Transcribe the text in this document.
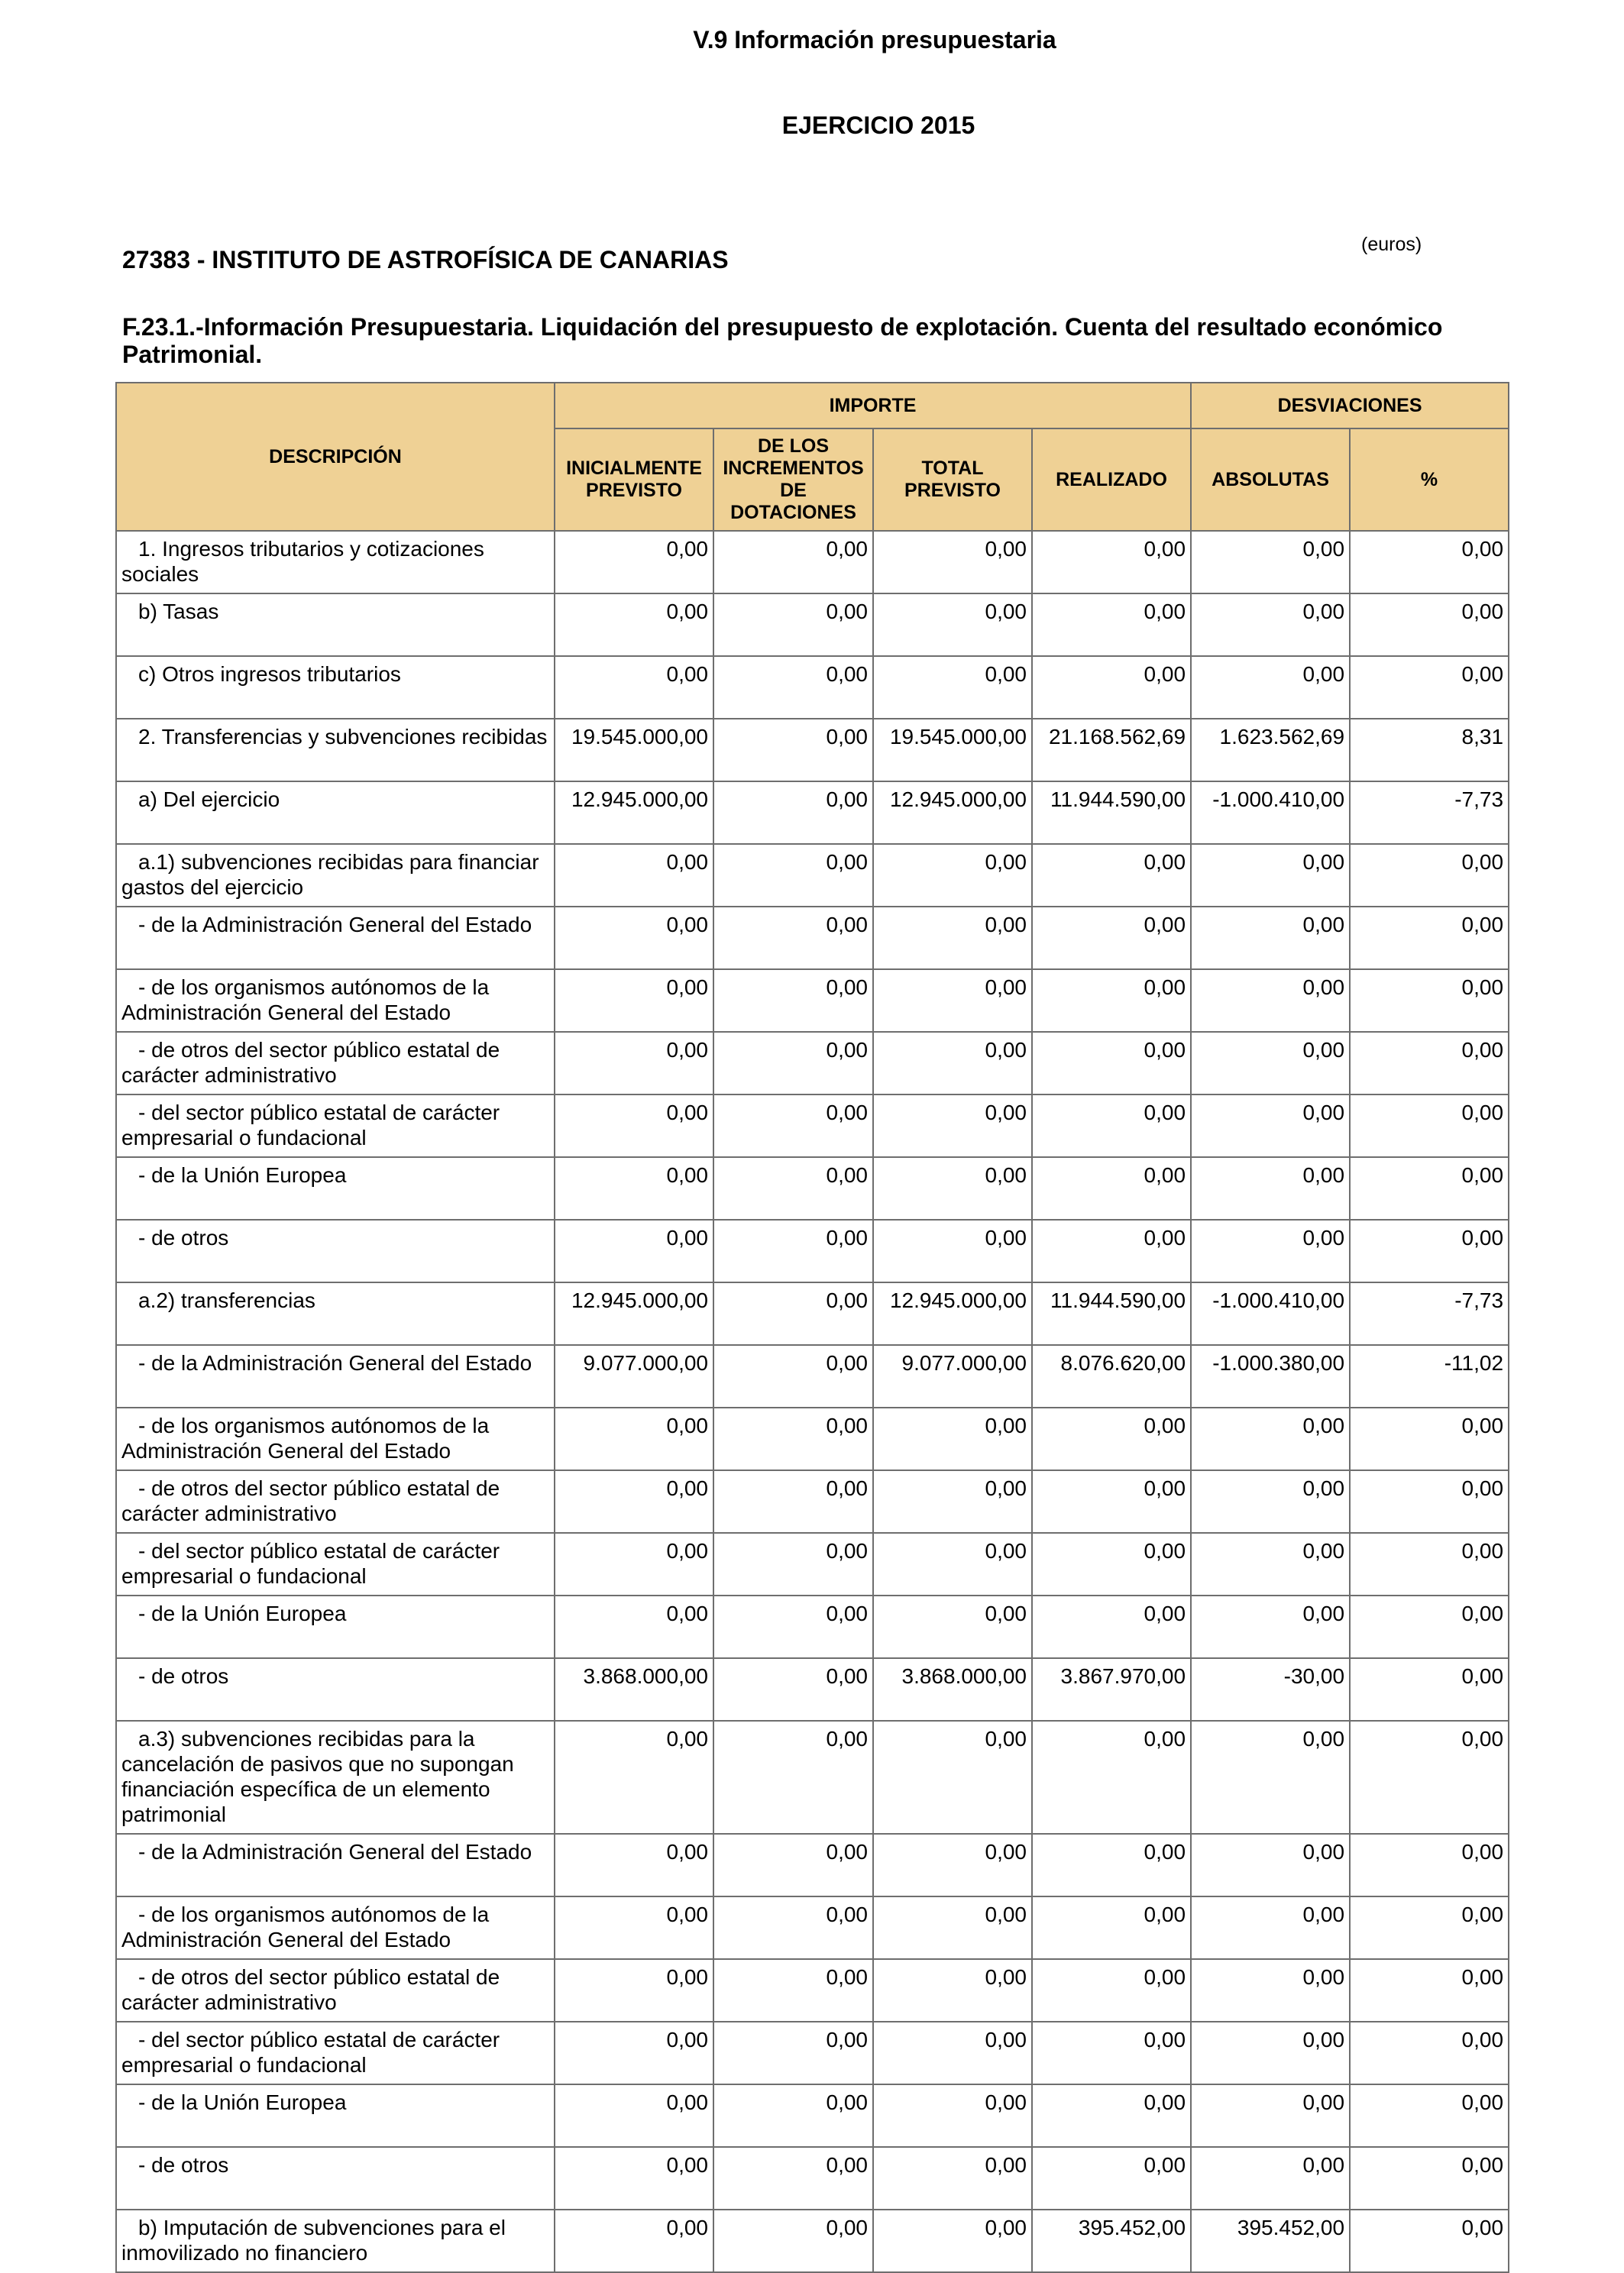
V.9 Información presupuestaria
EJERCICIO 2015
(euros)
27383 - INSTITUTO DE ASTROFÍSICA DE CANARIAS
F.23.1.-Información Presupuestaria. Liquidación del presupuesto de explotación. Cuenta del resultado económico Patrimonial.
DESCRIPCIÓN	IMPORTE				DESVIACIONES	
	INICIALMENTE PREVISTO	DE LOS INCREMENTOS DE DOTACIONES	TOTAL PREVISTO	REALIZADO	ABSOLUTAS	%
1. Ingresos tributarios y cotizaciones sociales	0,00	0,00	0,00	0,00	0,00	0,00
b) Tasas	0,00	0,00	0,00	0,00	0,00	0,00
c) Otros ingresos tributarios	0,00	0,00	0,00	0,00	0,00	0,00
2. Transferencias y subvenciones recibidas	19.545.000,00	0,00	19.545.000,00	21.168.562,69	1.623.562,69	8,31
a) Del ejercicio	12.945.000,00	0,00	12.945.000,00	11.944.590,00	-1.000.410,00	-7,73
a.1) subvenciones recibidas para financiar gastos del ejercicio	0,00	0,00	0,00	0,00	0,00	0,00
- de la Administración General del Estado	0,00	0,00	0,00	0,00	0,00	0,00
- de los organismos autónomos de la Administración General del Estado	0,00	0,00	0,00	0,00	0,00	0,00
- de otros del sector público estatal de carácter administrativo	0,00	0,00	0,00	0,00	0,00	0,00
- del sector público estatal de carácter empresarial o fundacional	0,00	0,00	0,00	0,00	0,00	0,00
- de la Unión Europea	0,00	0,00	0,00	0,00	0,00	0,00
- de otros	0,00	0,00	0,00	0,00	0,00	0,00
a.2) transferencias	12.945.000,00	0,00	12.945.000,00	11.944.590,00	-1.000.410,00	-7,73
- de la Administración General del Estado	9.077.000,00	0,00	9.077.000,00	8.076.620,00	-1.000.380,00	-11,02
- de los organismos autónomos de la Administración General del Estado	0,00	0,00	0,00	0,00	0,00	0,00
- de otros del sector público estatal de carácter administrativo	0,00	0,00	0,00	0,00	0,00	0,00
- del sector público estatal de carácter empresarial o fundacional	0,00	0,00	0,00	0,00	0,00	0,00
- de la Unión Europea	0,00	0,00	0,00	0,00	0,00	0,00
- de otros	3.868.000,00	0,00	3.868.000,00	3.867.970,00	-30,00	0,00
a.3) subvenciones recibidas para la cancelación de pasivos que no supongan financiación específica de un elemento patrimonial	0,00	0,00	0,00	0,00	0,00	0,00
- de la Administración General del Estado	0,00	0,00	0,00	0,00	0,00	0,00
- de los organismos autónomos de la Administración General del Estado	0,00	0,00	0,00	0,00	0,00	0,00
- de otros del sector público estatal de carácter administrativo	0,00	0,00	0,00	0,00	0,00	0,00
- del sector público estatal de carácter empresarial o fundacional	0,00	0,00	0,00	0,00	0,00	0,00
- de la Unión Europea	0,00	0,00	0,00	0,00	0,00	0,00
- de otros	0,00	0,00	0,00	0,00	0,00	0,00
b) Imputación de subvenciones para el inmovilizado no financiero	0,00	0,00	0,00	395.452,00	395.452,00	0,00
